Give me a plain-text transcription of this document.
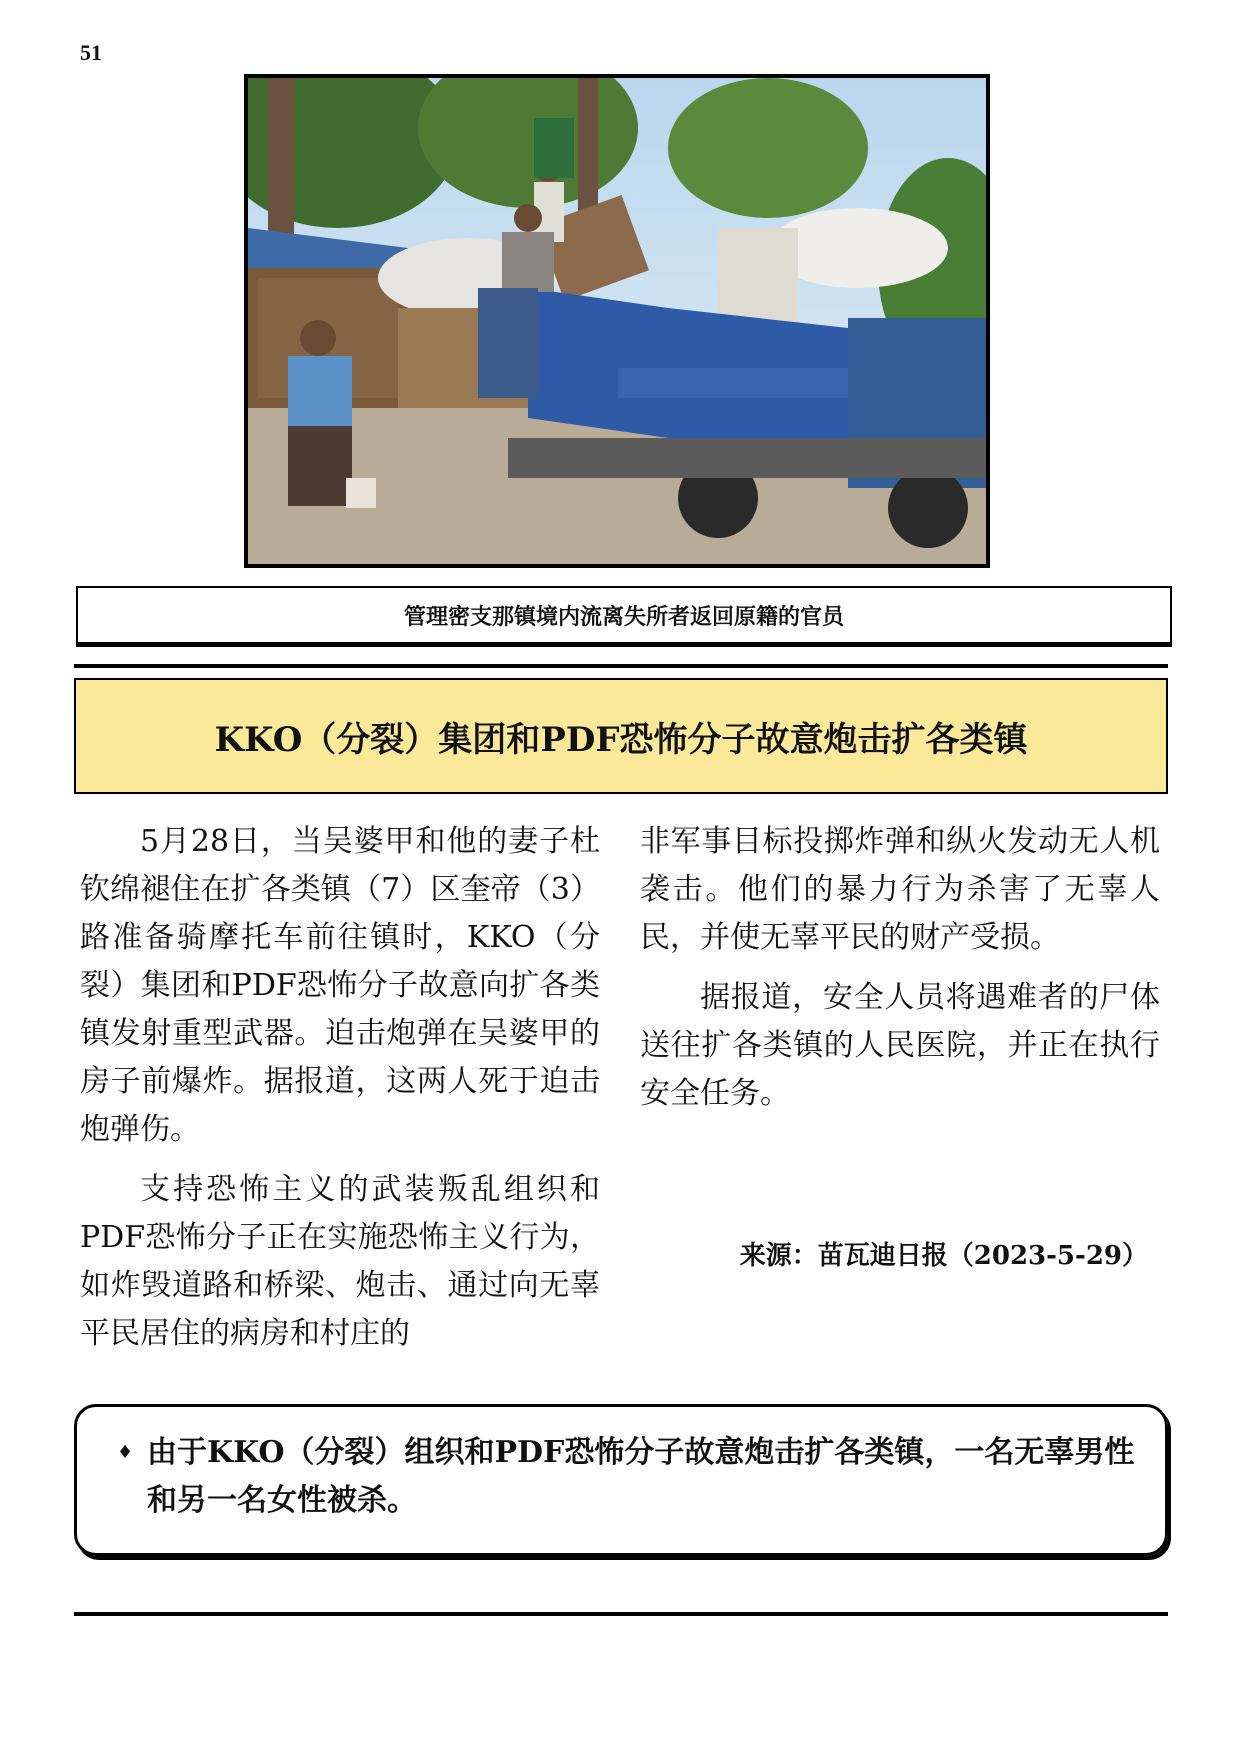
51
管理密支那镇境内流离失所者返回原籍的官员
KKO（分裂）集团和PDF恐怖分子故意炮击扩各类镇

5月28日，当吴婆甲和他的妻子杜钦绵褪住在扩各类镇（7）区奎帝（3）路准备骑摩托车前往镇时，KKO（分裂）集团和PDF恐怖分子故意向扩各类镇发射重型武器。迫击炮弹在吴婆甲的房子前爆炸。据报道，这两人死于迫击炮弹伤。

支持恐怖主义的武装叛乱组织和PDF恐怖分子正在实施恐怖主义行为，如炸毁道路和桥梁、炮击、通过向无辜平民居住的病房和村庄的

非军事目标投掷炸弹和纵火发动无人机袭击。他们的暴力行为杀害了无辜人民，并使无辜平民的财产受损。

据报道，安全人员将遇难者的尸体送往扩各类镇的人民医院，并正在执行安全任务。

来源：苗瓦迪日报（2023-5-29）
♦ 由于KKO（分裂）组织和PDF恐怖分子故意炮击扩各类镇，一名无辜男性和另一名女性被杀。
